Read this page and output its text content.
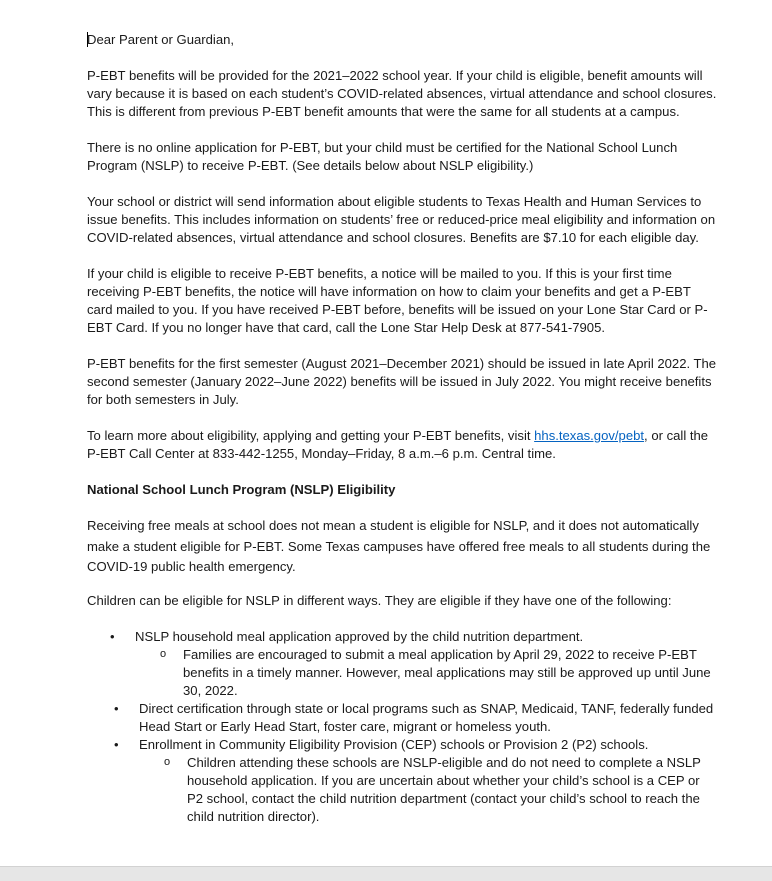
Dear Parent or Guardian,

P-EBT benefits will be provided for the 2021–2022 school year. If your child is eligible, benefit amounts will vary because it is based on each student’s COVID-related absences, virtual attendance and school closures. This is different from previous P-EBT benefit amounts that were the same for all students at a campus.

There is no online application for P-EBT, but your child must be certified for the National School Lunch Program (NSLP) to receive P-EBT. (See details below about NSLP eligibility.)

Your school or district will send information about eligible students to Texas Health and Human Services to issue benefits. This includes information on students’ free or reduced-price meal eligibility and information on COVID-related absences, virtual attendance and school closures. Benefits are $7.10 for each eligible day.

If your child is eligible to receive P-EBT benefits, a notice will be mailed to you. If this is your first time receiving P-EBT benefits, the notice will have information on how to claim your benefits and get a P-EBT card mailed to you. If you have received P-EBT before, benefits will be issued on your Lone Star Card or P-EBT Card. If you no longer have that card, call the Lone Star Help Desk at 877-541-7905.

P-EBT benefits for the first semester (August 2021–December 2021) should be issued in late April 2022. The second semester (January 2022–June 2022) benefits will be issued in July 2022. You might receive benefits for both semesters in July.

To learn more about eligibility, applying and getting your P-EBT benefits, visit hhs.texas.gov/pebt, or call the P-EBT Call Center at 833-442-1255, Monday–Friday, 8 a.m.–6 p.m. Central time.

National School Lunch Program (NSLP) Eligibility

Receiving free meals at school does not mean a student is eligible for NSLP, and it does not automatically make a student eligible for P-EBT. Some Texas campuses have offered free meals to all students during the COVID-19 public health emergency.

Children can be eligible for NSLP in different ways. They are eligible if they have one of the following:

• NSLP household meal application approved by the child nutrition department.
o Families are encouraged to submit a meal application by April 29, 2022 to receive P-EBT benefits in a timely manner. However, meal applications may still be approved up until June 30, 2022.
• Direct certification through state or local programs such as SNAP, Medicaid, TANF, federally funded Head Start or Early Head Start, foster care, migrant or homeless youth.
• Enrollment in Community Eligibility Provision (CEP) schools or Provision 2 (P2) schools.
o Children attending these schools are NSLP-eligible and do not need to complete a NSLP household application. If you are uncertain about whether your child’s school is a CEP or P2 school, contact the child nutrition department (contact your child’s school to reach the child nutrition director).
